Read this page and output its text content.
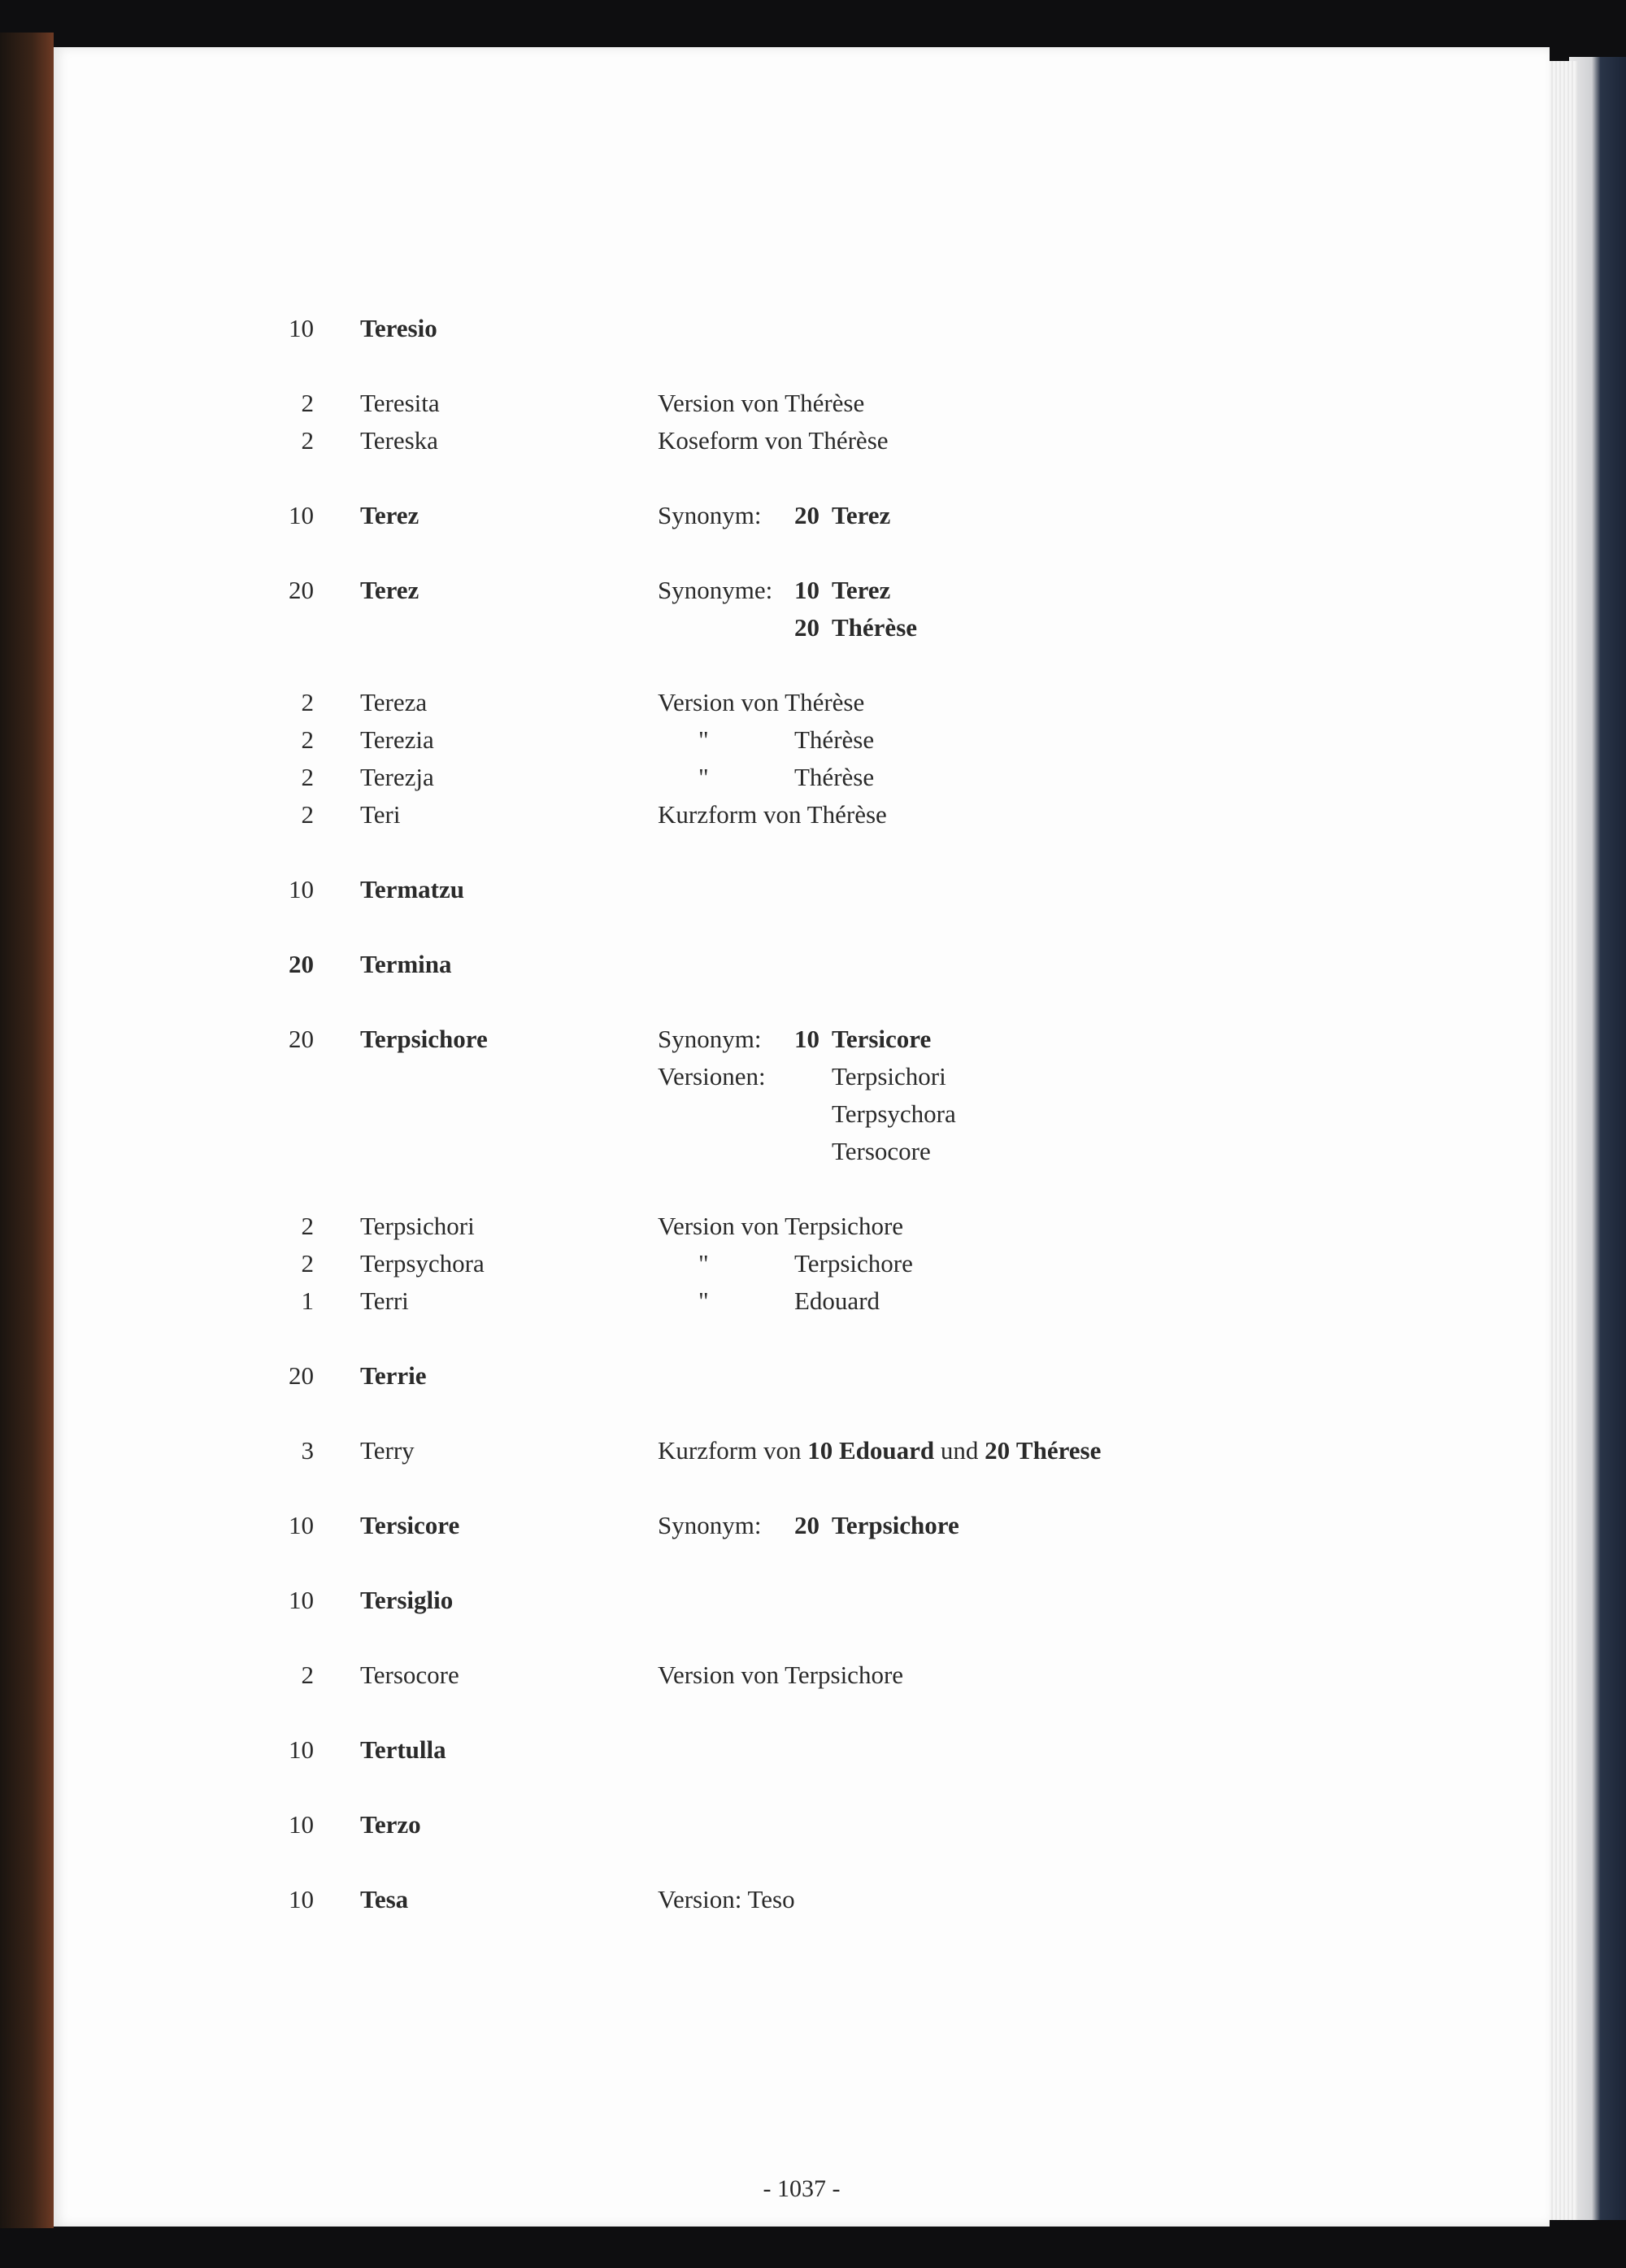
10 Teresio
2 Teresita	Version von Thérèse
2 Tereska	Koseform von Thérèse
10 Terez	Synonym: 20 Terez
20 Terez	Synonyme: 10 Terez
20 Thérèse
2 Tereza	Version von Thérèse
2 Terezia	"	Thérèse
2 Terezja	"	Thérèse
2 Teri	Kurzform von Thérèse
10 Termatzu
20 Termina
20 Terpsichore	Synonym: 10 Tersicore
Versionen:	Terpsichori
Terpsychora
Tersocore
2 Terpsichori	Version von Terpsichore
2 Terpsychora	"	Terpsichore
1 Terri	"	Edouard
20 Terrie
3 Terry	Kurzform von 10 Edouard und 20 Thérese
10 Tersicore	Synonym: 20 Terpsichore
10 Tersiglio
2 Tersocore	Version von Terpsichore
10 Tertulla
10 Terzo
10 Tesa	Version: Teso
- 1037 -
